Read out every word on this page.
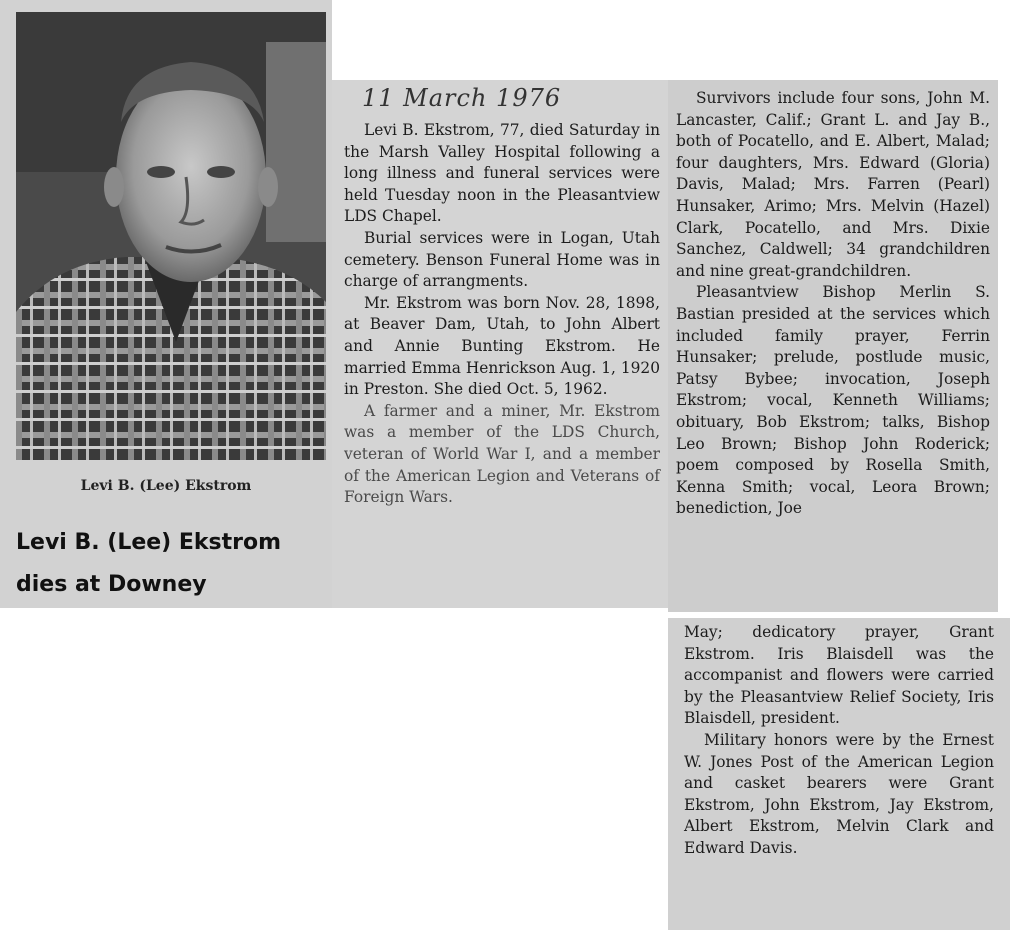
Levi B. (Lee) Ekstrom
Levi B. (Lee) Ekstrom
dies at Downey
11 March 1976

Levi B. Ekstrom, 77, died Saturday in the Marsh Valley Hospital following a long illness and funeral services were held Tuesday noon in the Pleasantview LDS Chapel.

Burial services were in Logan, Utah cemetery. Benson Funeral Home was in charge of arrangments.

Mr. Ekstrom was born Nov. 28, 1898, at Beaver Dam, Utah, to John Albert and Annie Bunting Ekstrom. He married Emma Henrickson Aug. 1, 1920 in Preston. She died Oct. 5, 1962.

A farmer and a miner, Mr. Ekstrom was a member of the LDS Church, veteran of World War I, and a member of the American Legion and Veterans of Foreign Wars.

Survivors include four sons, John M. Lancaster, Calif.; Grant L. and Jay B., both of Pocatello, and E. Albert, Malad; four daughters, Mrs. Edward (Gloria) Davis, Malad; Mrs. Farren (Pearl) Hunsaker, Arimo; Mrs. Melvin (Hazel) Clark, Pocatello, and Mrs. Dixie Sanchez, Caldwell; 34 grandchildren and nine great-grandchildren.

Pleasantview Bishop Merlin S. Bastian presided at the services which included family prayer, Ferrin Hunsaker; prelude, postlude music, Patsy Bybee; invocation, Joseph Ekstrom; vocal, Kenneth Williams; obituary, Bob Ekstrom; talks, Bishop Leo Brown; Bishop John Roderick; poem composed by Rosella Smith, Kenna Smith; vocal, Leora Brown; benediction, Joe

May; dedicatory prayer, Grant Ekstrom. Iris Blaisdell was the accompanist and flowers were carried by the Pleasantview Relief Society, Iris Blaisdell, president.

Military honors were by the Ernest W. Jones Post of the American Legion and casket bearers were Grant Ekstrom, John Ekstrom, Jay Ekstrom, Albert Ekstrom, Melvin Clark and Edward Davis.
